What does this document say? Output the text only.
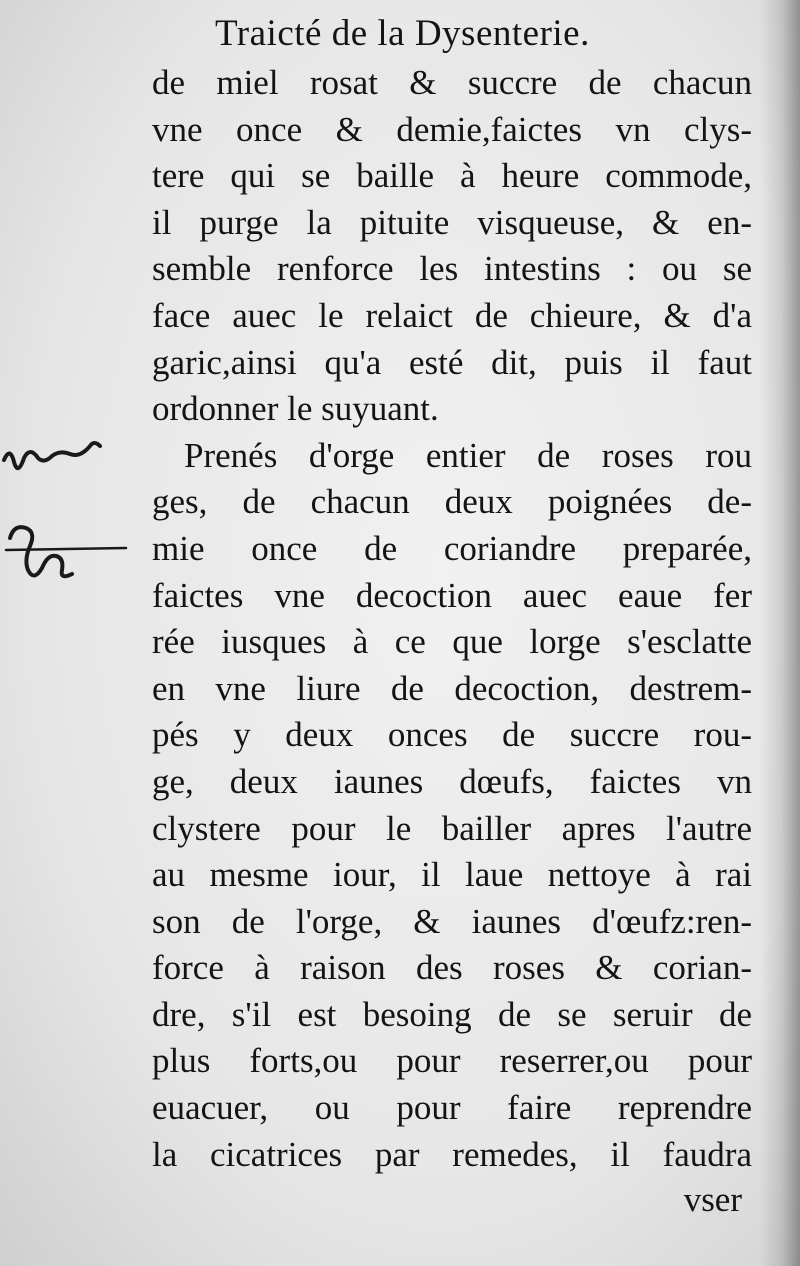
Traicté de la Dysenterie.
de miel rosat & succre de chacun
vne once & demie,faictes vn clys-
tere qui se baille à heure commode,
il purge la pituite visqueuse, & en-
semble renforce les intestins : ou se
face auec le relaict de chieure, & d'a
garic,ainsi qu'a esté dit, puis il faut
ordonner le suyuant.
Prenés d'orge entier de roses rou
ges, de chacun deux poignées de-
mie once de coriandre preparée,
faictes vne decoction auec eaue fer
rée iusques à ce que lorge s'esclatte
en vne liure de decoction, destrem-
pés y deux onces de succre rou-
ge, deux iaunes dœufs, faictes vn
clystere pour le bailler apres l'autre
au mesme iour, il laue nettoye à rai
son de l'orge, & iaunes d'œufz:ren-
force à raison des roses & corian-
dre, s'il est besoing de se seruir de
plus forts,ou pour reserrer,ou pour
euacuer, ou pour faire reprendre
la cicatrices par remedes, il faudra
vser
